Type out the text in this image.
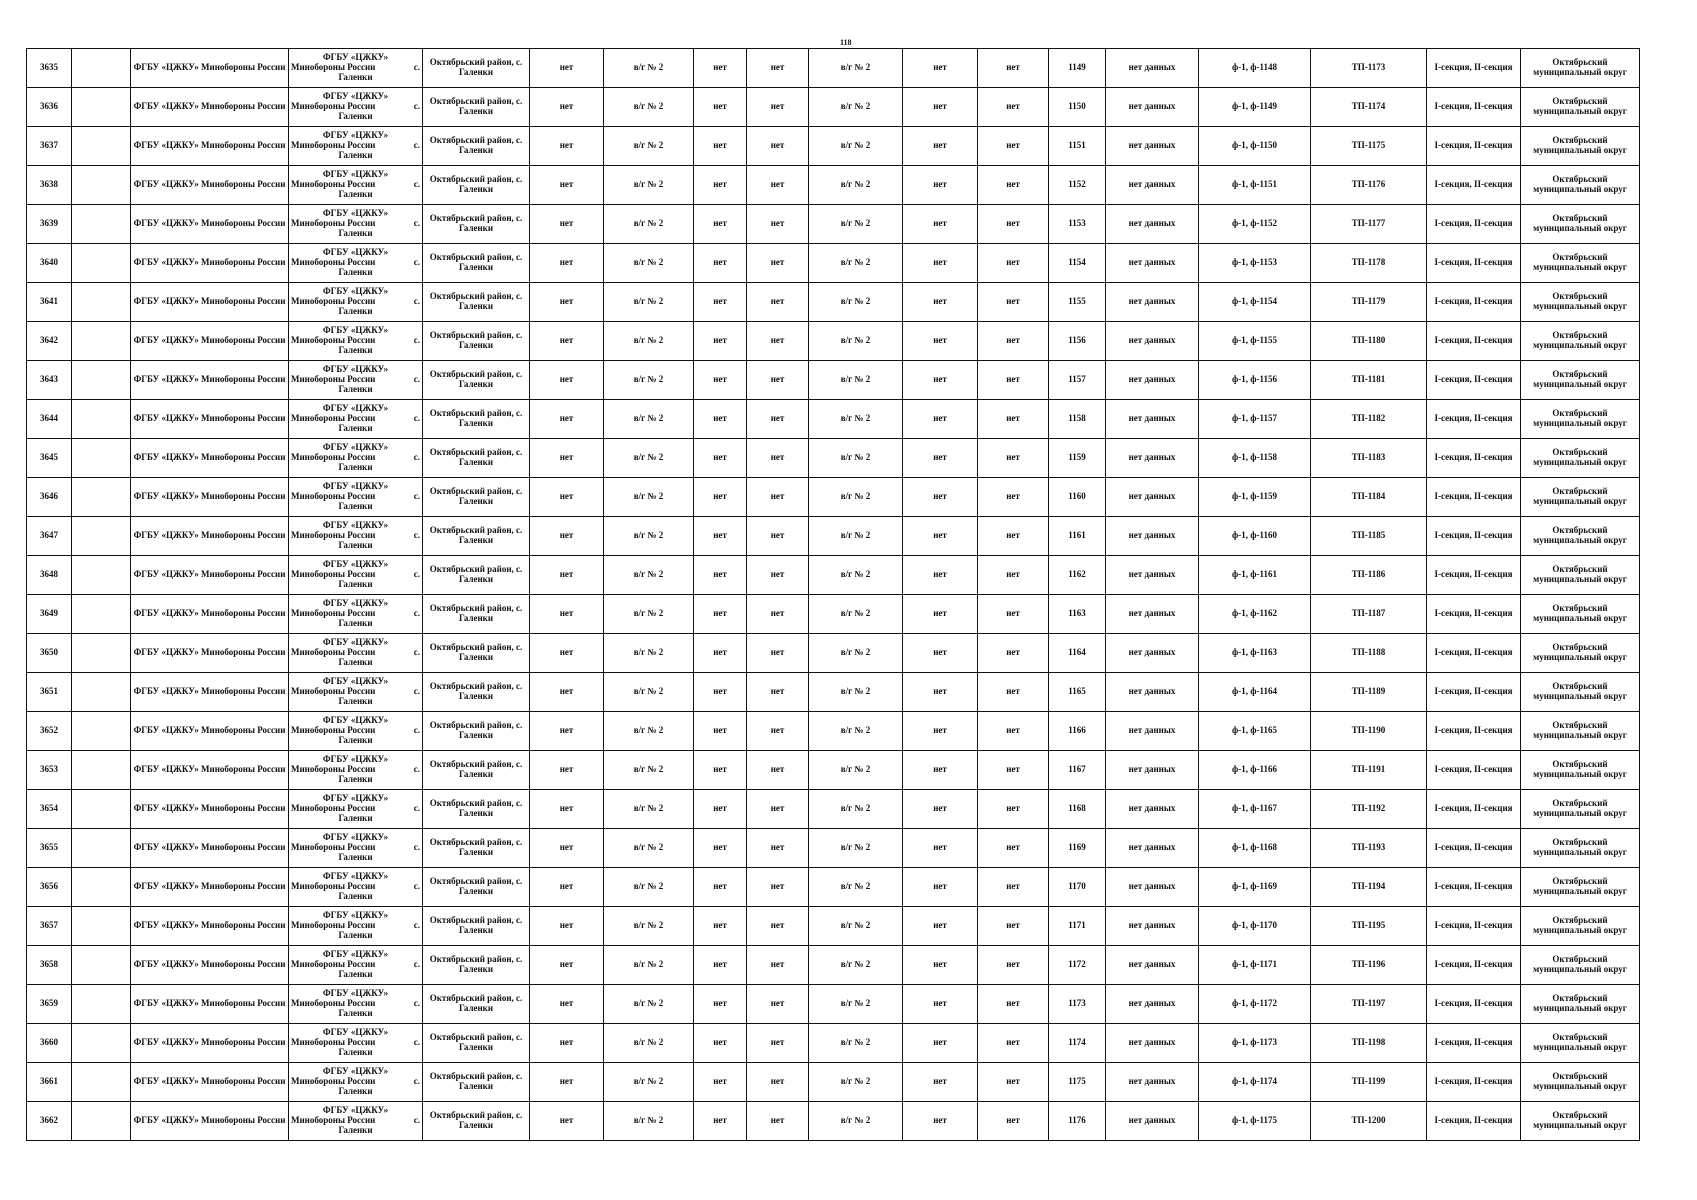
118
3635		ФГБУ «ЦЖКУ» Минобороны России	ФГБУ «ЦЖКУ»
Минобороны России с.
Галенки	Октябрьский район, с. Галенки	нет	в/г № 2	нет	нет	в/г № 2	нет	нет	1149	нет данных	ф-1, ф-1148	ТП-1173	I-секция, II-секция	Октябрьский муниципальный округ
3636		ФГБУ «ЦЖКУ» Минобороны России	ФГБУ «ЦЖКУ»
Минобороны России с.
Галенки	Октябрьский район, с. Галенки	нет	в/г № 2	нет	нет	в/г № 2	нет	нет	1150	нет данных	ф-1, ф-1149	ТП-1174	I-секция, II-секция	Октябрьский муниципальный округ
3637		ФГБУ «ЦЖКУ» Минобороны России	ФГБУ «ЦЖКУ»
Минобороны России с.
Галенки	Октябрьский район, с. Галенки	нет	в/г № 2	нет	нет	в/г № 2	нет	нет	1151	нет данных	ф-1, ф-1150	ТП-1175	I-секция, II-секция	Октябрьский муниципальный округ
3638		ФГБУ «ЦЖКУ» Минобороны России	ФГБУ «ЦЖКУ»
Минобороны России с.
Галенки	Октябрьский район, с. Галенки	нет	в/г № 2	нет	нет	в/г № 2	нет	нет	1152	нет данных	ф-1, ф-1151	ТП-1176	I-секция, II-секция	Октябрьский муниципальный округ
3639		ФГБУ «ЦЖКУ» Минобороны России	ФГБУ «ЦЖКУ»
Минобороны России с.
Галенки	Октябрьский район, с. Галенки	нет	в/г № 2	нет	нет	в/г № 2	нет	нет	1153	нет данных	ф-1, ф-1152	ТП-1177	I-секция, II-секция	Октябрьский муниципальный округ
3640		ФГБУ «ЦЖКУ» Минобороны России	ФГБУ «ЦЖКУ»
Минобороны России с.
Галенки	Октябрьский район, с. Галенки	нет	в/г № 2	нет	нет	в/г № 2	нет	нет	1154	нет данных	ф-1, ф-1153	ТП-1178	I-секция, II-секция	Октябрьский муниципальный округ
3641		ФГБУ «ЦЖКУ» Минобороны России	ФГБУ «ЦЖКУ»
Минобороны России с.
Галенки	Октябрьский район, с. Галенки	нет	в/г № 2	нет	нет	в/г № 2	нет	нет	1155	нет данных	ф-1, ф-1154	ТП-1179	I-секция, II-секция	Октябрьский муниципальный округ
3642		ФГБУ «ЦЖКУ» Минобороны России	ФГБУ «ЦЖКУ»
Минобороны России с.
Галенки	Октябрьский район, с. Галенки	нет	в/г № 2	нет	нет	в/г № 2	нет	нет	1156	нет данных	ф-1, ф-1155	ТП-1180	I-секция, II-секция	Октябрьский муниципальный округ
3643		ФГБУ «ЦЖКУ» Минобороны России	ФГБУ «ЦЖКУ»
Минобороны России с.
Галенки	Октябрьский район, с. Галенки	нет	в/г № 2	нет	нет	в/г № 2	нет	нет	1157	нет данных	ф-1, ф-1156	ТП-1181	I-секция, II-секция	Октябрьский муниципальный округ
3644		ФГБУ «ЦЖКУ» Минобороны России	ФГБУ «ЦЖКУ»
Минобороны России с.
Галенки	Октябрьский район, с. Галенки	нет	в/г № 2	нет	нет	в/г № 2	нет	нет	1158	нет данных	ф-1, ф-1157	ТП-1182	I-секция, II-секция	Октябрьский муниципальный округ
3645		ФГБУ «ЦЖКУ» Минобороны России	ФГБУ «ЦЖКУ»
Минобороны России с.
Галенки	Октябрьский район, с. Галенки	нет	в/г № 2	нет	нет	в/г № 2	нет	нет	1159	нет данных	ф-1, ф-1158	ТП-1183	I-секция, II-секция	Октябрьский муниципальный округ
3646		ФГБУ «ЦЖКУ» Минобороны России	ФГБУ «ЦЖКУ»
Минобороны России с.
Галенки	Октябрьский район, с. Галенки	нет	в/г № 2	нет	нет	в/г № 2	нет	нет	1160	нет данных	ф-1, ф-1159	ТП-1184	I-секция, II-секция	Октябрьский муниципальный округ
3647		ФГБУ «ЦЖКУ» Минобороны России	ФГБУ «ЦЖКУ»
Минобороны России с.
Галенки	Октябрьский район, с. Галенки	нет	в/г № 2	нет	нет	в/г № 2	нет	нет	1161	нет данных	ф-1, ф-1160	ТП-1185	I-секция, II-секция	Октябрьский муниципальный округ
3648		ФГБУ «ЦЖКУ» Минобороны России	ФГБУ «ЦЖКУ»
Минобороны России с.
Галенки	Октябрьский район, с. Галенки	нет	в/г № 2	нет	нет	в/г № 2	нет	нет	1162	нет данных	ф-1, ф-1161	ТП-1186	I-секция, II-секция	Октябрьский муниципальный округ
3649		ФГБУ «ЦЖКУ» Минобороны России	ФГБУ «ЦЖКУ»
Минобороны России с.
Галенки	Октябрьский район, с. Галенки	нет	в/г № 2	нет	нет	в/г № 2	нет	нет	1163	нет данных	ф-1, ф-1162	ТП-1187	I-секция, II-секция	Октябрьский муниципальный округ
3650		ФГБУ «ЦЖКУ» Минобороны России	ФГБУ «ЦЖКУ»
Минобороны России с.
Галенки	Октябрьский район, с. Галенки	нет	в/г № 2	нет	нет	в/г № 2	нет	нет	1164	нет данных	ф-1, ф-1163	ТП-1188	I-секция, II-секция	Октябрьский муниципальный округ
3651		ФГБУ «ЦЖКУ» Минобороны России	ФГБУ «ЦЖКУ»
Минобороны России с.
Галенки	Октябрьский район, с. Галенки	нет	в/г № 2	нет	нет	в/г № 2	нет	нет	1165	нет данных	ф-1, ф-1164	ТП-1189	I-секция, II-секция	Октябрьский муниципальный округ
3652		ФГБУ «ЦЖКУ» Минобороны России	ФГБУ «ЦЖКУ»
Минобороны России с.
Галенки	Октябрьский район, с. Галенки	нет	в/г № 2	нет	нет	в/г № 2	нет	нет	1166	нет данных	ф-1, ф-1165	ТП-1190	I-секция, II-секция	Октябрьский муниципальный округ
3653		ФГБУ «ЦЖКУ» Минобороны России	ФГБУ «ЦЖКУ»
Минобороны России с.
Галенки	Октябрьский район, с. Галенки	нет	в/г № 2	нет	нет	в/г № 2	нет	нет	1167	нет данных	ф-1, ф-1166	ТП-1191	I-секция, II-секция	Октябрьский муниципальный округ
3654		ФГБУ «ЦЖКУ» Минобороны России	ФГБУ «ЦЖКУ»
Минобороны России с.
Галенки	Октябрьский район, с. Галенки	нет	в/г № 2	нет	нет	в/г № 2	нет	нет	1168	нет данных	ф-1, ф-1167	ТП-1192	I-секция, II-секция	Октябрьский муниципальный округ
3655		ФГБУ «ЦЖКУ» Минобороны России	ФГБУ «ЦЖКУ»
Минобороны России с.
Галенки	Октябрьский район, с. Галенки	нет	в/г № 2	нет	нет	в/г № 2	нет	нет	1169	нет данных	ф-1, ф-1168	ТП-1193	I-секция, II-секция	Октябрьский муниципальный округ
3656		ФГБУ «ЦЖКУ» Минобороны России	ФГБУ «ЦЖКУ»
Минобороны России с.
Галенки	Октябрьский район, с. Галенки	нет	в/г № 2	нет	нет	в/г № 2	нет	нет	1170	нет данных	ф-1, ф-1169	ТП-1194	I-секция, II-секция	Октябрьский муниципальный округ
3657		ФГБУ «ЦЖКУ» Минобороны России	ФГБУ «ЦЖКУ»
Минобороны России с.
Галенки	Октябрьский район, с. Галенки	нет	в/г № 2	нет	нет	в/г № 2	нет	нет	1171	нет данных	ф-1, ф-1170	ТП-1195	I-секция, II-секция	Октябрьский муниципальный округ
3658		ФГБУ «ЦЖКУ» Минобороны России	ФГБУ «ЦЖКУ»
Минобороны России с.
Галенки	Октябрьский район, с. Галенки	нет	в/г № 2	нет	нет	в/г № 2	нет	нет	1172	нет данных	ф-1, ф-1171	ТП-1196	I-секция, II-секция	Октябрьский муниципальный округ
3659		ФГБУ «ЦЖКУ» Минобороны России	ФГБУ «ЦЖКУ»
Минобороны России с.
Галенки	Октябрьский район, с. Галенки	нет	в/г № 2	нет	нет	в/г № 2	нет	нет	1173	нет данных	ф-1, ф-1172	ТП-1197	I-секция, II-секция	Октябрьский муниципальный округ
3660		ФГБУ «ЦЖКУ» Минобороны России	ФГБУ «ЦЖКУ»
Минобороны России с.
Галенки	Октябрьский район, с. Галенки	нет	в/г № 2	нет	нет	в/г № 2	нет	нет	1174	нет данных	ф-1, ф-1173	ТП-1198	I-секция, II-секция	Октябрьский муниципальный округ
3661		ФГБУ «ЦЖКУ» Минобороны России	ФГБУ «ЦЖКУ»
Минобороны России с.
Галенки	Октябрьский район, с. Галенки	нет	в/г № 2	нет	нет	в/г № 2	нет	нет	1175	нет данных	ф-1, ф-1174	ТП-1199	I-секция, II-секция	Октябрьский муниципальный округ
3662		ФГБУ «ЦЖКУ» Минобороны России	ФГБУ «ЦЖКУ»
Минобороны России с.
Галенки	Октябрьский район, с. Галенки	нет	в/г № 2	нет	нет	в/г № 2	нет	нет	1176	нет данных	ф-1, ф-1175	ТП-1200	I-секция, II-секция	Октябрьский муниципальный округ
